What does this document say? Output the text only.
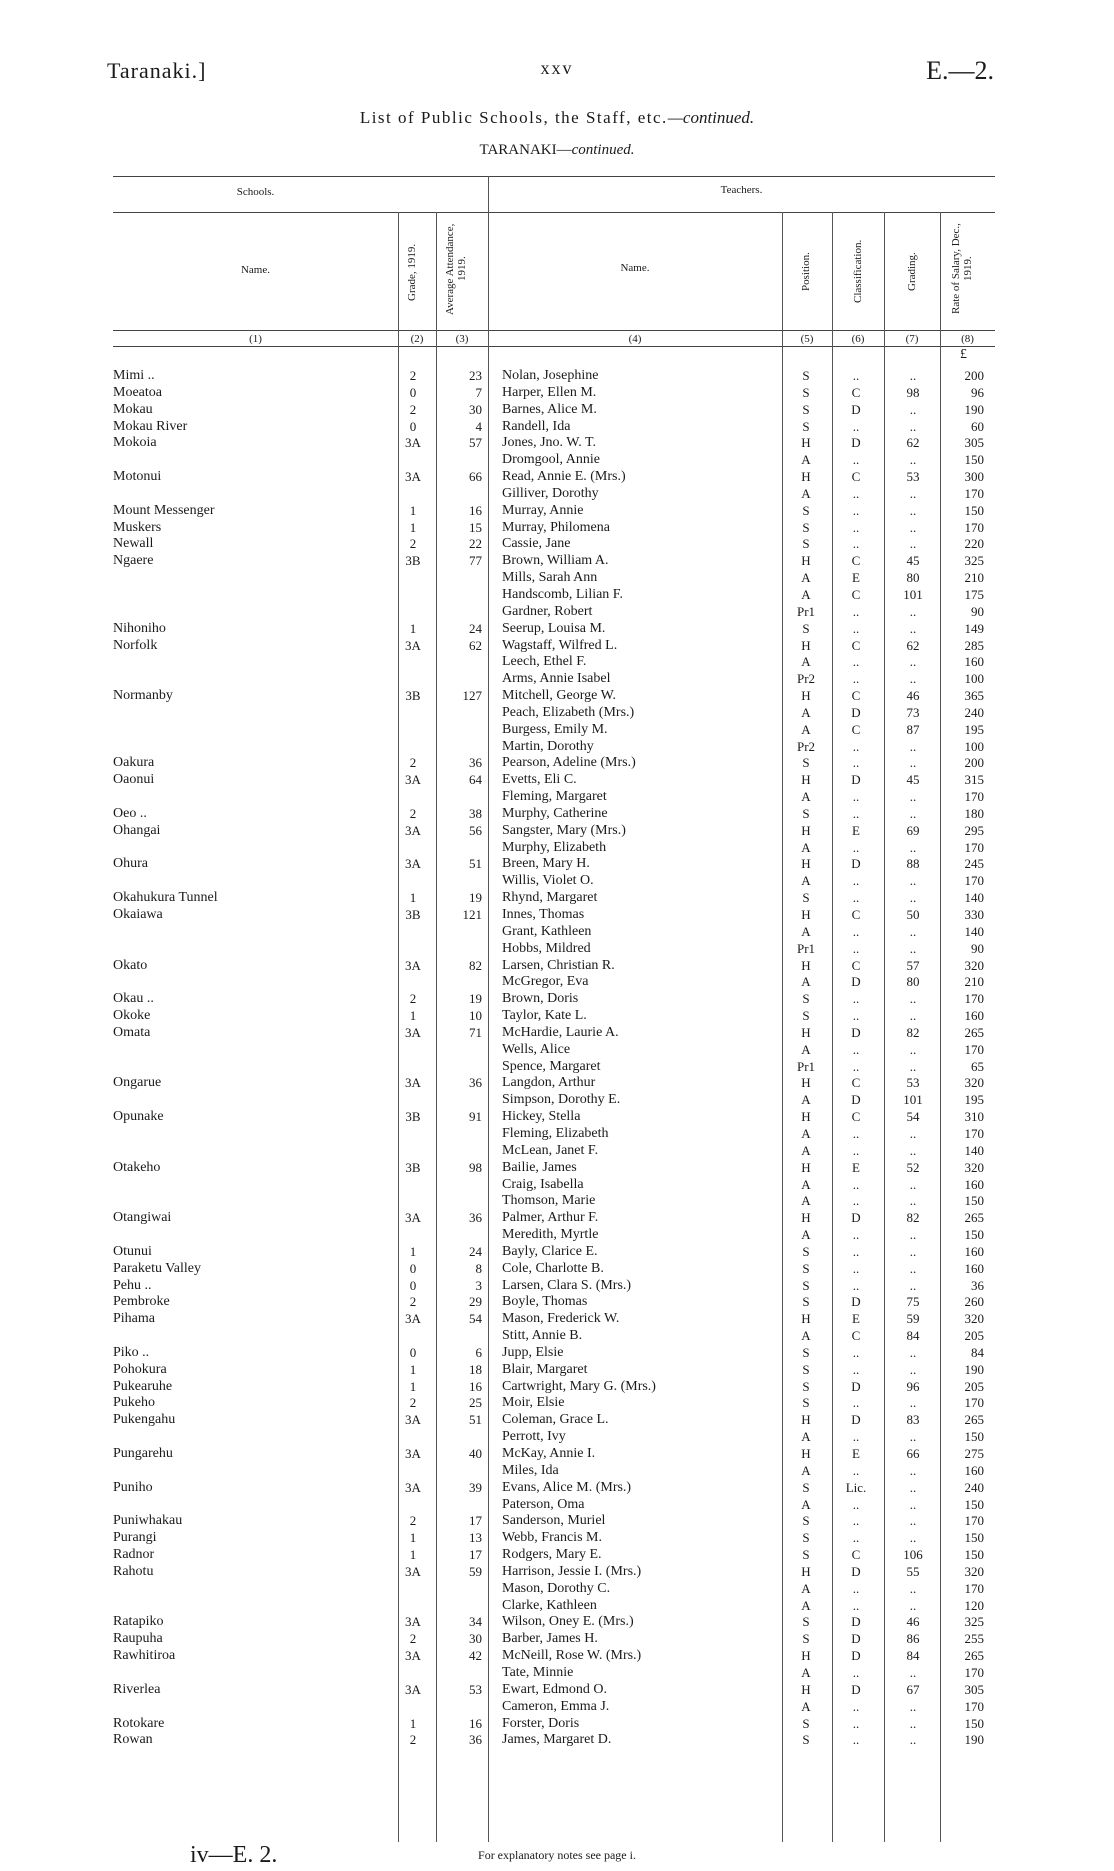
Taranaki.]	xxv	E.—2.
List of Public Schools, the Staff, etc.—continued.
TARANAKI—continued.
Schools.	Teachers.
Name.	Grade, 1919. Average Attendance, 1919.	Name.	Position.	Classification.	Grading.	Rate of Salary, Dec., 1919.
(1)	(2)	(3)	(4)	(5)	(6)	(7)	(8)
£
Mimi ..	2	23 Nolan, Josephine	S	..	..	200
Moeatoa	0	7 Harper, Ellen M.	S	C	98	96
Mokau	2	30 Barnes, Alice M.	S	D	..	190
Mokau River	0	4 Randell, Ida	S	..	..	60
Mokoia	3A	57 Jones, Jno. W. T.	H	D	62	305
Dromgool, Annie	A	..	..	150
Motonui	3A	66 Read, Annie E. (Mrs.)	H	C	53	300
Gilliver, Dorothy	A	..	..	170
Mount Messenger	1	16 Murray, Annie	S	..	..	150
Muskers	1	15 Murray, Philomena	S	..	..	170
Newall	2	22 Cassie, Jane	S	..	..	220
Ngaere	3B	77 Brown, William A.	H	C	45	325
Mills, Sarah Ann	A	E	80	210
Handscomb, Lilian F.	A	C	101	175
Gardner, Robert	Pr1	..	..	90
Nihoniho	1	24 Seerup, Louisa M.	S	..	..	149
Norfolk	3A	62 Wagstaff, Wilfred L.	H	C	62	285
Leech, Ethel F.	A	..	..	160
Arms, Annie Isabel	Pr2	..	..	100
Normanby	3B	127 Mitchell, George W.	H	C	46	365
Peach, Elizabeth (Mrs.)	A	D	73	240
Burgess, Emily M.	A	C	87	195
Martin, Dorothy	Pr2	..	..	100
Oakura	2	36 Pearson, Adeline (Mrs.)	S	..	..	200
Oaonui	3A	64 Evetts, Eli C.	H	D	45	315
Fleming, Margaret	A	..	..	170
Oeo ..	2	38 Murphy, Catherine	S	..	..	180
Ohangai	3A	56 Sangster, Mary (Mrs.)	H	E	69	295
Murphy, Elizabeth	A	..	..	170
Ohura	3A	51 Breen, Mary H.	H	D	88	245
Willis, Violet O.	A	..	..	170
Okahukura Tunnel	1	19 Rhynd, Margaret	S	..	..	140
Okaiawa	3B	121 Innes, Thomas	H	C	50	330
Grant, Kathleen	A	..	..	140
Hobbs, Mildred	Pr1	..	..	90
Okato	3A	82 Larsen, Christian R.	H	C	57	320
McGregor, Eva	A	D	80	210
Okau ..	2	19 Brown, Doris	S	..	..	170
Okoke	1	10 Taylor, Kate L.	S	..	..	160
Omata	3A	71 McHardie, Laurie A.	H	D	82	265
Wells, Alice	A	..	..	170
Spence, Margaret	Pr1	..	..	65
Ongarue	3A	36 Langdon, Arthur	H	C	53	320
Simpson, Dorothy E.	A	D	101	195
Opunake	3B	91 Hickey, Stella	H	C	54	310
Fleming, Elizabeth	A	..	..	170
McLean, Janet F.	A	..	..	140
Otakeho	3B	98 Bailie, James	H	E	52	320
Craig, Isabella	A	..	..	160
Thomson, Marie	A	..	..	150
Otangiwai	3A	36 Palmer, Arthur F.	H	D	82	265
Meredith, Myrtle	A	..	..	150
Otunui	1	24 Bayly, Clarice E.	S	..	..	160
Paraketu Valley	0	8 Cole, Charlotte B.	S	..	..	160
Pehu ..	0	3 Larsen, Clara S. (Mrs.)	S	..	..	36
Pembroke	2	29 Boyle, Thomas	S	D	75	260
Pihama	3A	54 Mason, Frederick W.	H	E	59	320
Stitt, Annie B.	A	C	84	205
Piko ..	0	6 Jupp, Elsie	S	..	..	84
Pohokura	1	18 Blair, Margaret	S	..	..	190
Pukearuhe	1	16 Cartwright, Mary G. (Mrs.)	S	D	96	205
Pukeho	2	25 Moir, Elsie	S	..	..	170
Pukengahu	3A	51 Coleman, Grace L.	H	D	83	265
Perrott, Ivy	A	..	..	150
Pungarehu	3A	40 McKay, Annie I.	H	E	66	275
Miles, Ida	A	..	..	160
Puniho	3A	39 Evans, Alice M. (Mrs.)	S	Lic.	..	240
Paterson, Oma	A	..	..	150
Puniwhakau	2	17 Sanderson, Muriel	S	..	..	170
Purangi	1	13 Webb, Francis M.	S	..	..	150
Radnor	1	17 Rodgers, Mary E.	S	C	106	150
Rahotu	3A	59 Harrison, Jessie I. (Mrs.)	H	D	55	320
Mason, Dorothy C.	A	..	..	170
Clarke, Kathleen	A	..	..	120
Ratapiko	3A	34 Wilson, Oney E. (Mrs.)	S	D	46	325
Raupuha	2	30 Barber, James H.	S	D	86	255
Rawhitiroa	3A	42 McNeill, Rose W. (Mrs.)	H	D	84	265
Tate, Minnie	A	..	..	170
Riverlea	3A	53 Ewart, Edmond O.	H	D	67	305
Cameron, Emma J.	A	..	..	170
Rotokare	1	16 Forster, Doris	S	..	..	150
Rowan	2	36 James, Margaret D.	S	..	..	190
iv—E. 2.	For explanatory notes see page i.
